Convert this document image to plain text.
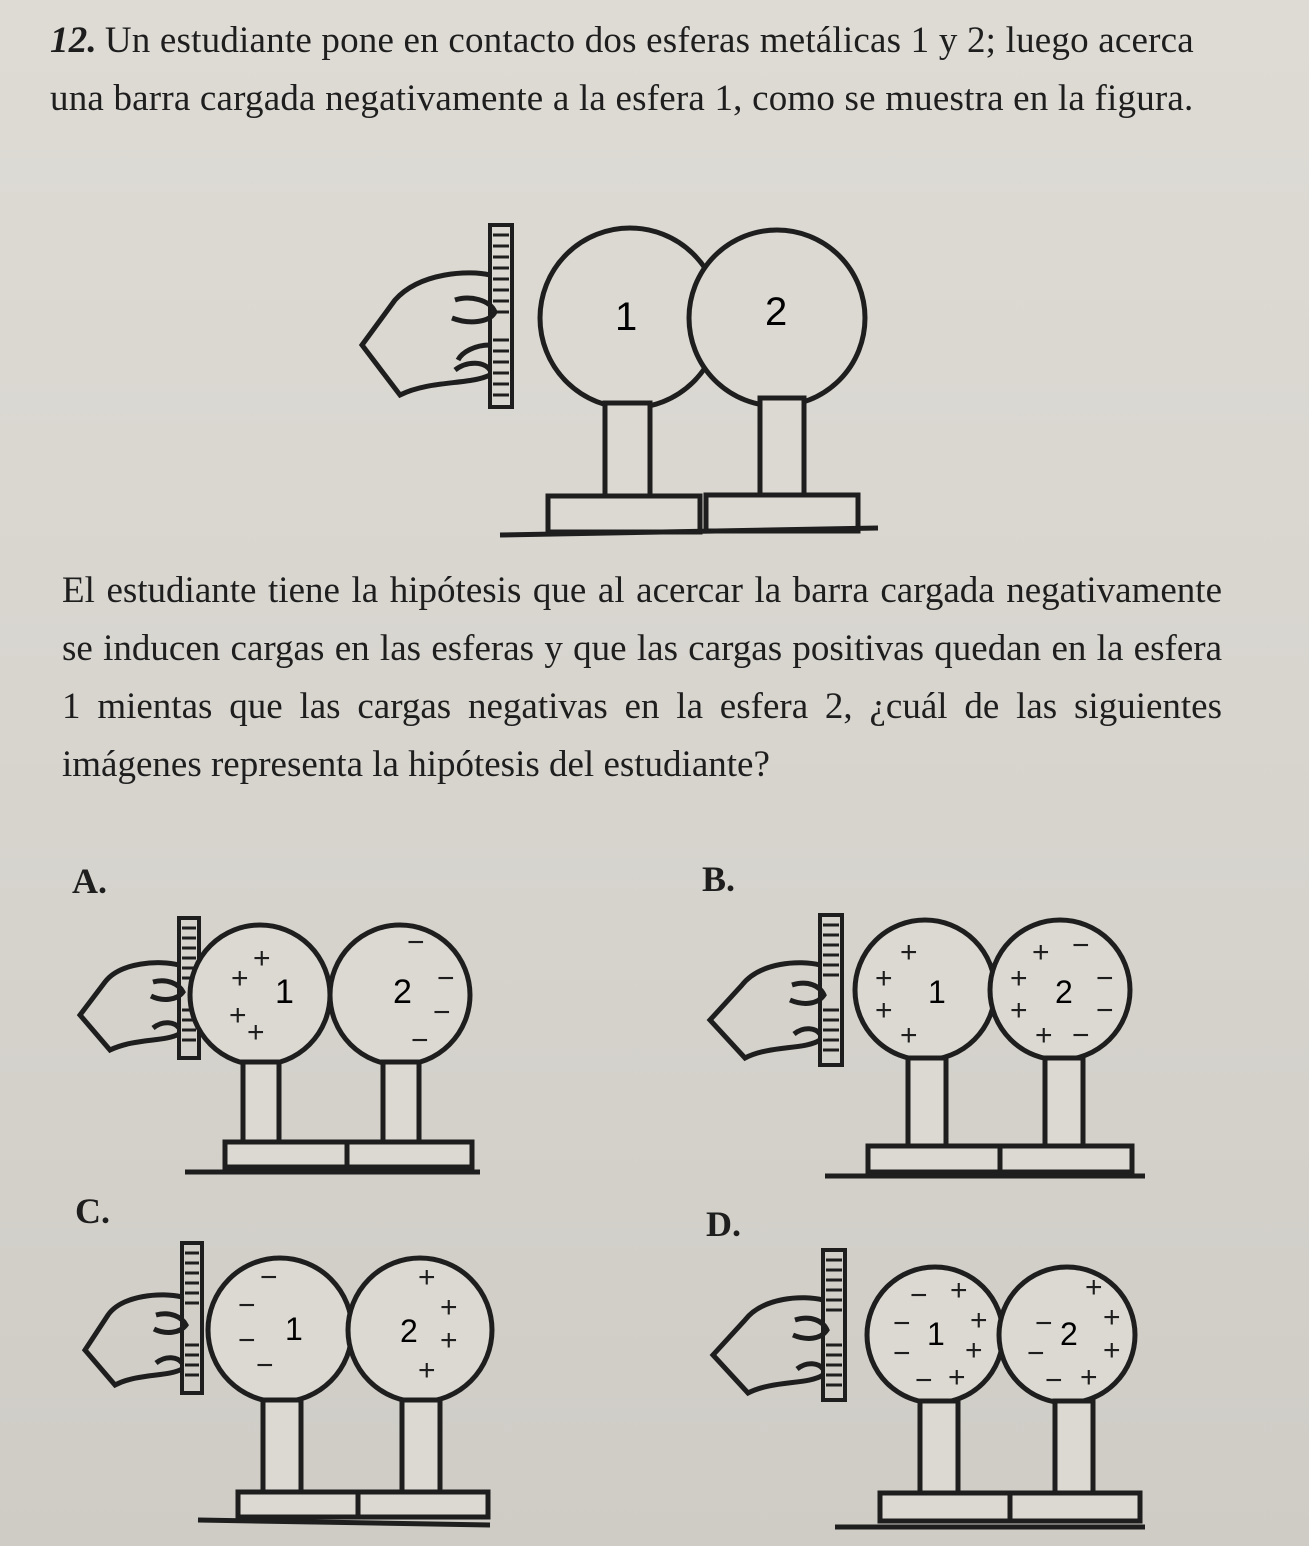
12. Un estudiante pone en contacto dos esferas metálicas 1 y 2; luego acerca una barra cargada negativamente a la esfera 1, como se muestra en la figura.
1	2
El estudiante tiene la hipótesis que al acercar la barra cargada negativamente se inducen cargas en las esferas y que las cargas positivas quedan en la esfera 1 mientas que las cargas negativas en la esfera 2, ¿cuál de las siguientes imágenes representa la hipótesis del estudiante?
A.	B.
C.	D.
1	2
+
+
+
+
−
−
−
−
1	2
+
+
+
+
+
+
+
+
−
−
−
−
1	2
−
−
−
−
+
+
+
+
1	2
−
−
−
−
+
+
+
+
−
−
−
+
+
+
+
